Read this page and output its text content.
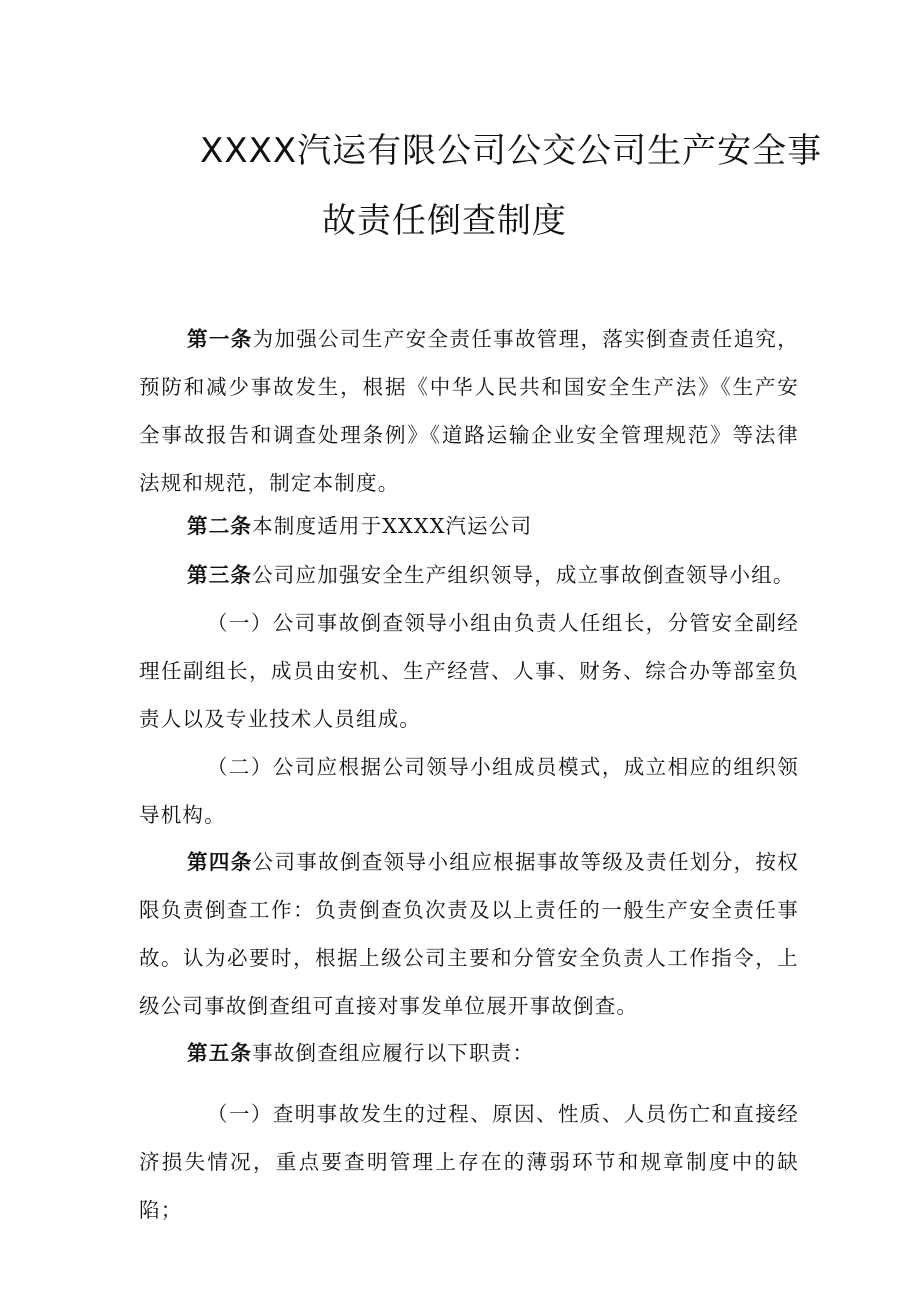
XXXX汽运有限公司公交公司生产安全事
故责任倒查制度

第一条为加强公司生产安全责任事故管理，落实倒查责任追究，预防和减少事故发生，根据《中华人民共和国安全生产法》《生产安全事故报告和调查处理条例》《道路运输企业安全管理规范》等法律法规和规范，制定本制度。

第二条本制度适用于XXXX汽运公司

第三条公司应加强安全生产组织领导，成立事故倒查领导小组。

（一）公司事故倒查领导小组由负责人任组长，分管安全副经理任副组长，成员由安机、生产经营、人事、财务、综合办等部室负责人以及专业技术人员组成。

（二）公司应根据公司领导小组成员模式，成立相应的组织领导机构。

第四条公司事故倒查领导小组应根据事故等级及责任划分，按权限负责倒查工作：负责倒查负次责及以上责任的一般生产安全责任事故。认为必要时，根据上级公司主要和分管安全负责人工作指令，上级公司事故倒查组可直接对事发单位展开事故倒查。

第五条事故倒查组应履行以下职责：

（一）查明事故发生的过程、原因、性质、人员伤亡和直接经济损失情况，重点要查明管理上存在的薄弱环节和规章制度中的缺陷；
